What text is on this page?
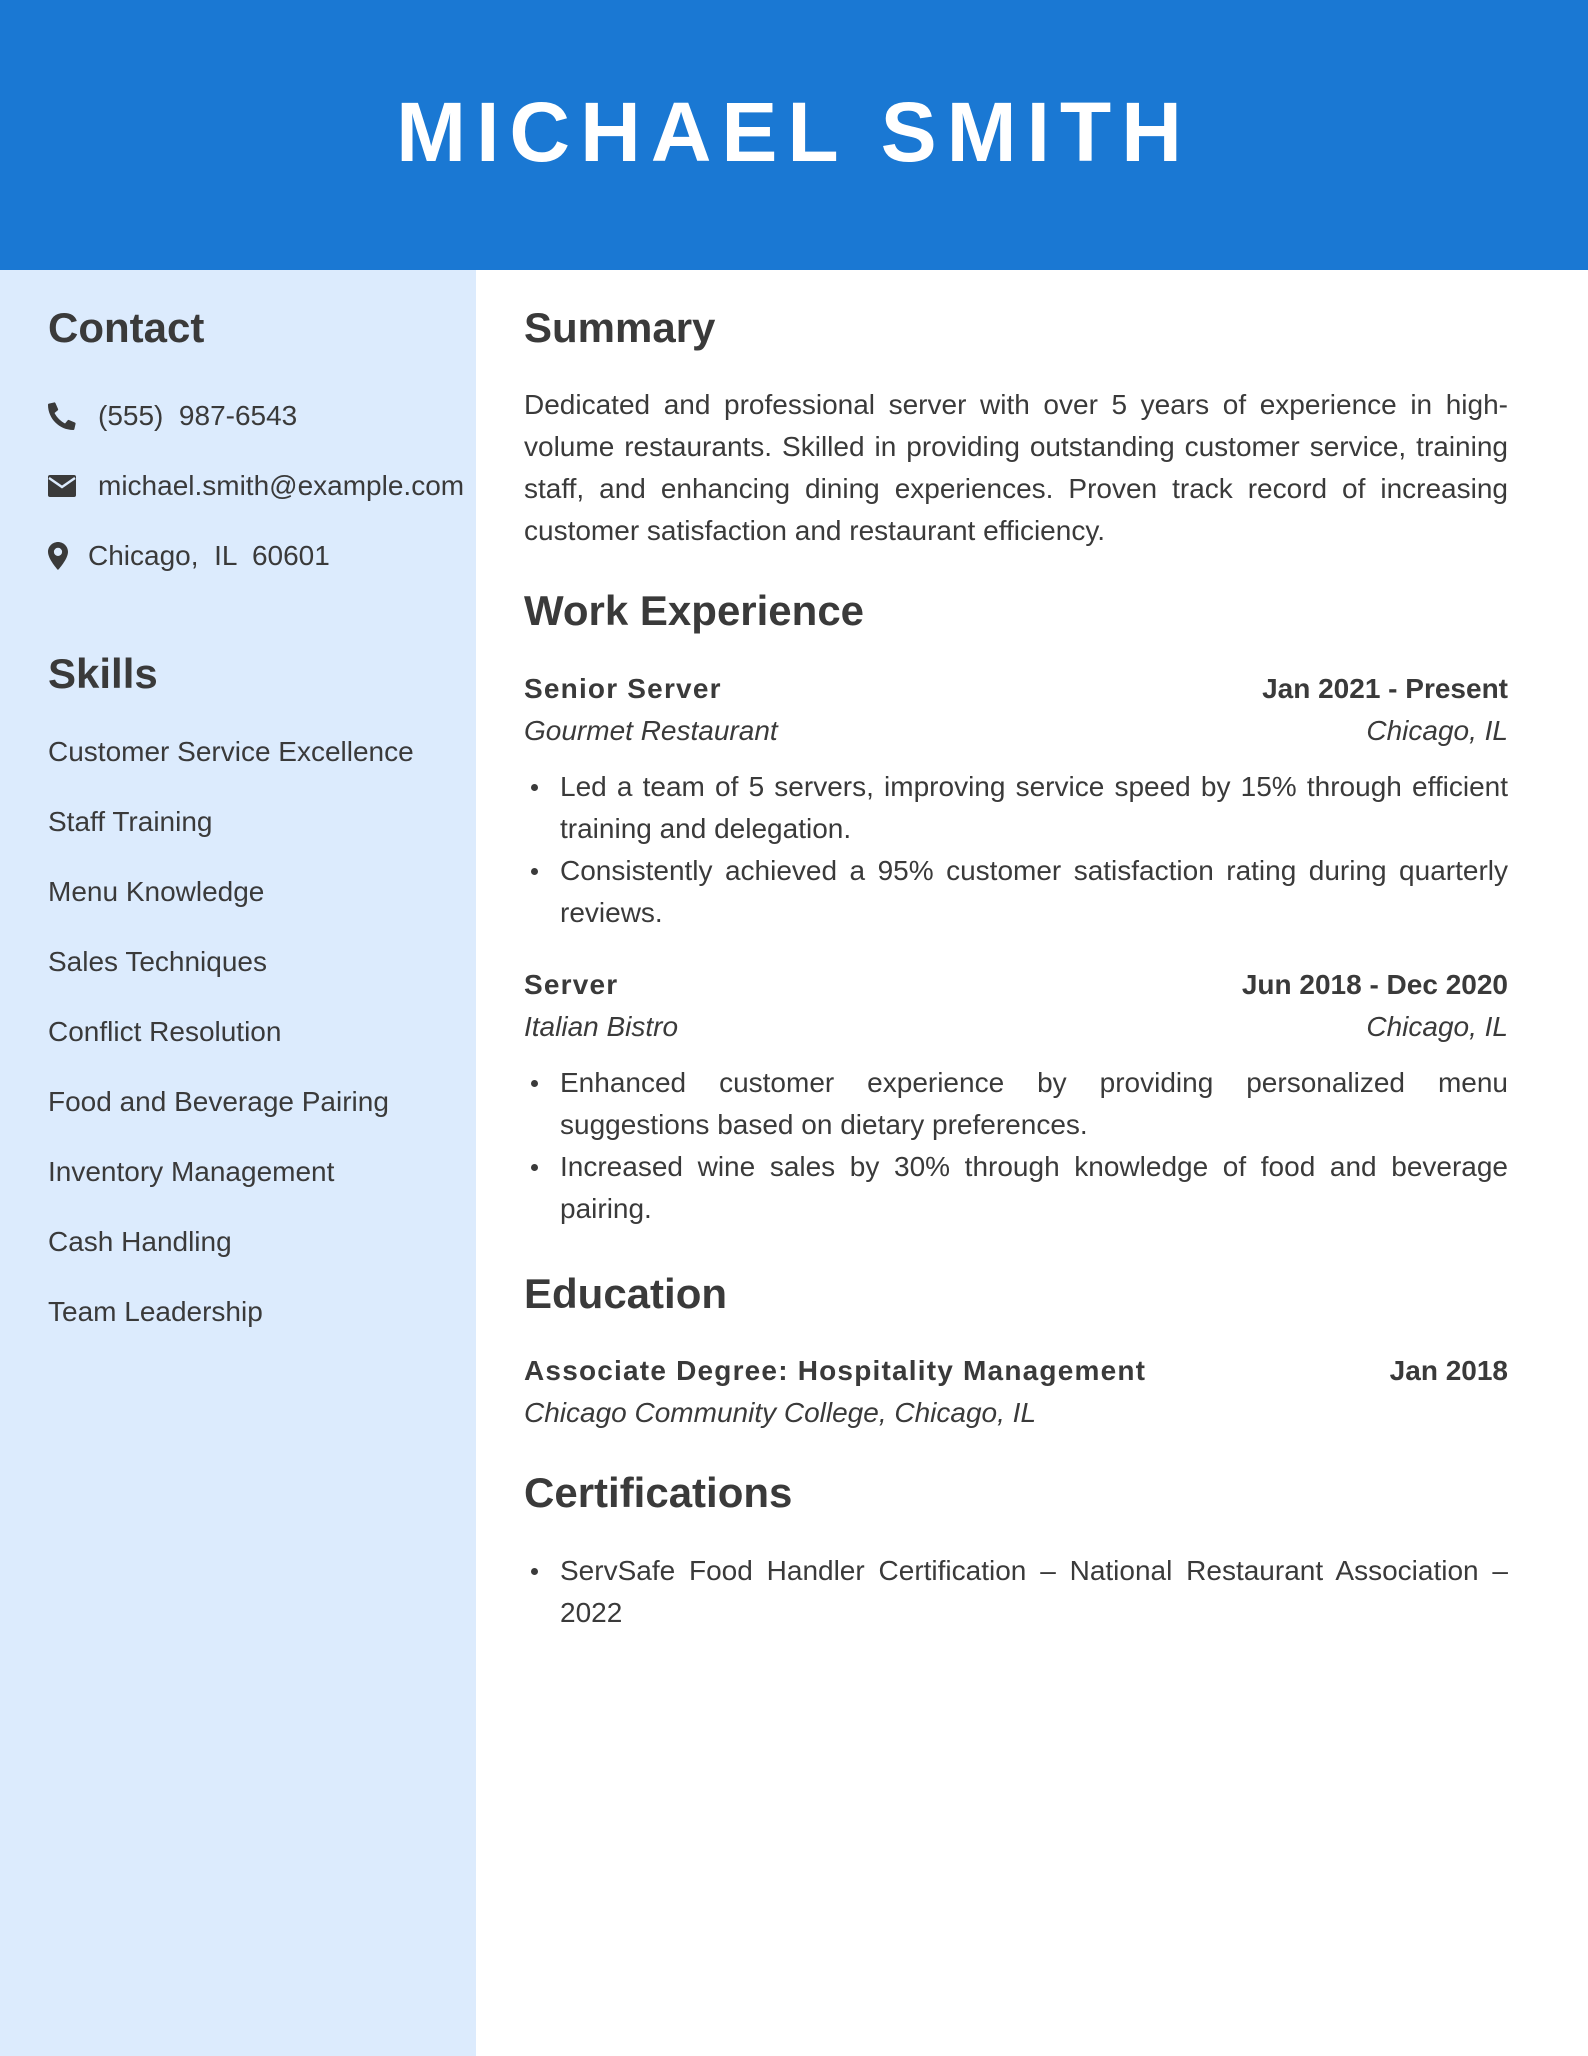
MICHAEL SMITH
Contact
(555)  987-6543
michael.smith@example.com
Chicago,  IL  60601
Skills
Customer Service Excellence
Staff Training
Menu Knowledge
Sales Techniques
Conflict Resolution
Food and Beverage Pairing
Inventory Management
Cash Handling
Team Leadership
Summary

Dedicated and professional server with over 5 years of experience in high-volume restaurants. Skilled in providing outstanding customer service, training staff, and enhancing dining experiences. Proven track record of increasing customer satisfaction and restaurant efficiency.

Work Experience
Senior Server	Jan 2021 - Present
Gourmet Restaurant	Chicago, IL
Led a team of 5 servers, improving service speed by 15% through efficient training and delegation.
Consistently achieved a 95% customer satisfaction rating during quarterly reviews.
Server	Jun 2018 - Dec 2020
Italian Bistro	Chicago, IL
Enhanced customer experience by providing personalized menu suggestions based on dietary preferences.
Increased wine sales by 30% through knowledge of food and beverage pairing.
Education
Associate Degree: Hospitality Management	Jan 2018
Chicago Community College, Chicago, IL
Certifications
ServSafe Food Handler Certification – National Restaurant Association – 2022
